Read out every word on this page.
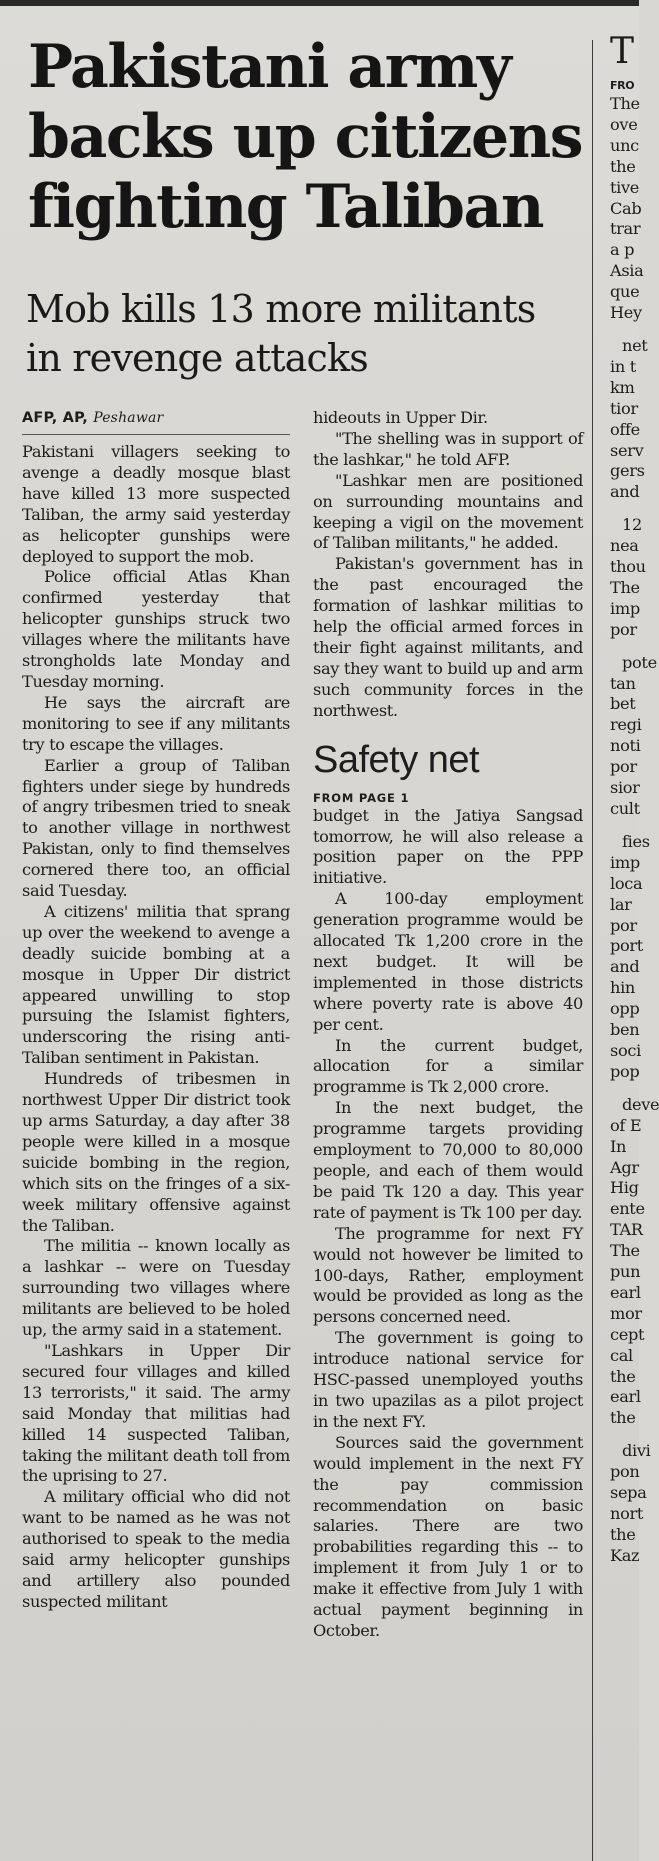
Pakistani army
backs up citizens
fighting Taliban
Mob kills 13 more militants
in revenge attacks
AFP, AP, Peshawar

Pakistani villagers seeking to avenge a deadly mosque blast have killed 13 more suspected Taliban, the army said yesterday as helicopter gunships were deployed to support the mob.

Police official Atlas Khan confirmed yesterday that helicopter gunships struck two villages where the militants have strongholds late Monday and Tuesday morning.

He says the aircraft are monitoring to see if any militants try to escape the villages.

Earlier a group of Taliban fighters under siege by hundreds of angry tribesmen tried to sneak to another village in northwest Pakistan, only to find themselves cornered there too, an official said Tuesday.

A citizens' militia that sprang up over the weekend to avenge a deadly suicide bombing at a mosque in Upper Dir district appeared unwilling to stop pursuing the Islamist fighters, underscoring the rising anti-Taliban sentiment in Pakistan.

Hundreds of tribesmen in northwest Upper Dir district took up arms Saturday, a day after 38 people were killed in a mosque suicide bombing in the region, which sits on the fringes of a six-week military offensive against the Taliban.

The militia -- known locally as a lashkar -- were on Tuesday surrounding two villages where militants are believed to be holed up, the army said in a statement.

"Lashkars in Upper Dir secured four villages and killed 13 terrorists," it said. The army said Monday that militias had killed 14 suspected Taliban, taking the militant death toll from the uprising to 27.

A military official who did not want to be named as he was not authorised to speak to the media said army helicopter gunships and artillery also pounded suspected militant

hideouts in Upper Dir.

"The shelling was in support of the lashkar," he told AFP.

"Lashkar men are positioned on surrounding mountains and keeping a vigil on the movement of Taliban militants," he added.

Pakistan's government has in the past encouraged the formation of lashkar militias to help the official armed forces in their fight against militants, and say they want to build up and arm such community forces in the northwest.

Safety net
FROM PAGE 1

budget in the Jatiya Sangsad tomorrow, he will also release a position paper on the PPP initiative.

A 100-day employment generation programme would be allocated Tk 1,200 crore in the next budget. It will be implemented in those districts where poverty rate is above 40 per cent.

In the current budget, allocation for a similar programme is Tk 2,000 crore.

In the next budget, the programme targets providing employment to 70,000 to 80,000 people, and each of them would be paid Tk 120 a day. This year rate of payment is Tk 100 per day.

The programme for next FY would not however be limited to 100-days, Rather, employment would be provided as long as the persons concerned need.

The government is going to introduce national service for HSC-passed unemployed youths in two upazilas as a pilot project in the next FY.

Sources said the government would implement in the next FY the pay commission recommendation on basic salaries. There are two probabilities regarding this -- to implement it from July 1 or to make it effective from July 1 with actual payment beginning in October.

T
FRO
The
ove
unc
the
tive
Cab
trar
a p
Asia
que
Hey
net
in t
km
tior
offe
serv
gers
and
12
nea
thou
The
imp
por
pote
tan
bet
regi
noti
por
sior
cult
fies
imp
loca
lar
por
port
and
hin
opp
ben
soci
pop
deve
of E
In
Agr
Hig
ente
TAR
The
pun
earl
mor
cept
cal
the
earl
the
divi
pon
sepa
nort
the
Kaz
